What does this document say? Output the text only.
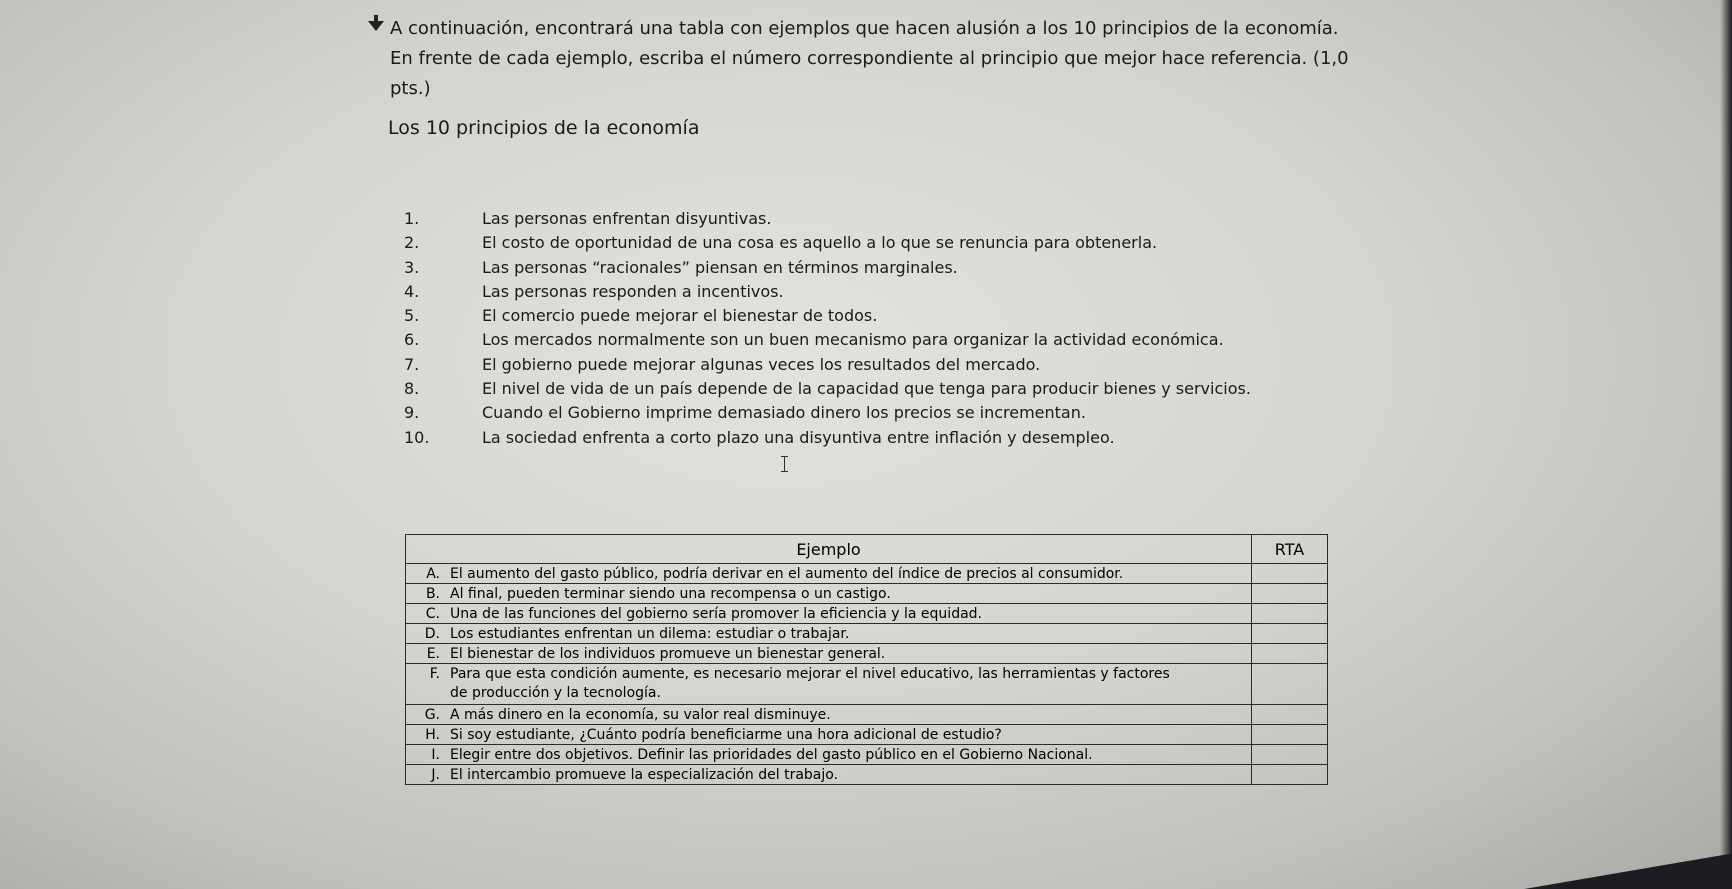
A continuación, encontrará una tabla con ejemplos que hacen alusión a los 10 principios de la economía. En frente de cada ejemplo, escriba el número correspondiente al principio que mejor hace referencia. (1,0 pts.)
Los 10 principios de la economía
1.	Las personas enfrentan disyuntivas.
2.	El costo de oportunidad de una cosa es aquello a lo que se renuncia para obtenerla.
3.	Las personas “racionales” piensan en términos marginales.
4.	Las personas responden a incentivos.
5.	El comercio puede mejorar el bienestar de todos.
6.	Los mercados normalmente son un buen mecanismo para organizar la actividad económica.
7.	El gobierno puede mejorar algunas veces los resultados del mercado.
8.	El nivel de vida de un país depende de la capacidad que tenga para producir bienes y servicios.
9.	Cuando el Gobierno imprime demasiado dinero los precios se incrementan.
10.	La sociedad enfrenta a corto plazo una disyuntiva entre inflación y desempleo.
Ejemplo	RTA
A. El aumento del gasto público, podría derivar en el aumento del índice de precios al consumidor.	
B. Al final, pueden terminar siendo una recompensa o un castigo.	
C. Una de las funciones del gobierno sería promover la eficiencia y la equidad.	
D. Los estudiantes enfrentan un dilema: estudiar o trabajar.	
E. El bienestar de los individuos promueve un bienestar general.	
F. Para que esta condición aumente, es necesario mejorar el nivel educativo, las herramientas y factores de producción y la tecnología.	
G. A más dinero en la economía, su valor real disminuye.	
H. Si soy estudiante, ¿Cuánto podría beneficiarme una hora adicional de estudio?	
I. Elegir entre dos objetivos. Definir las prioridades del gasto público en el Gobierno Nacional.	
J. El intercambio promueve la especialización del trabajo.	
